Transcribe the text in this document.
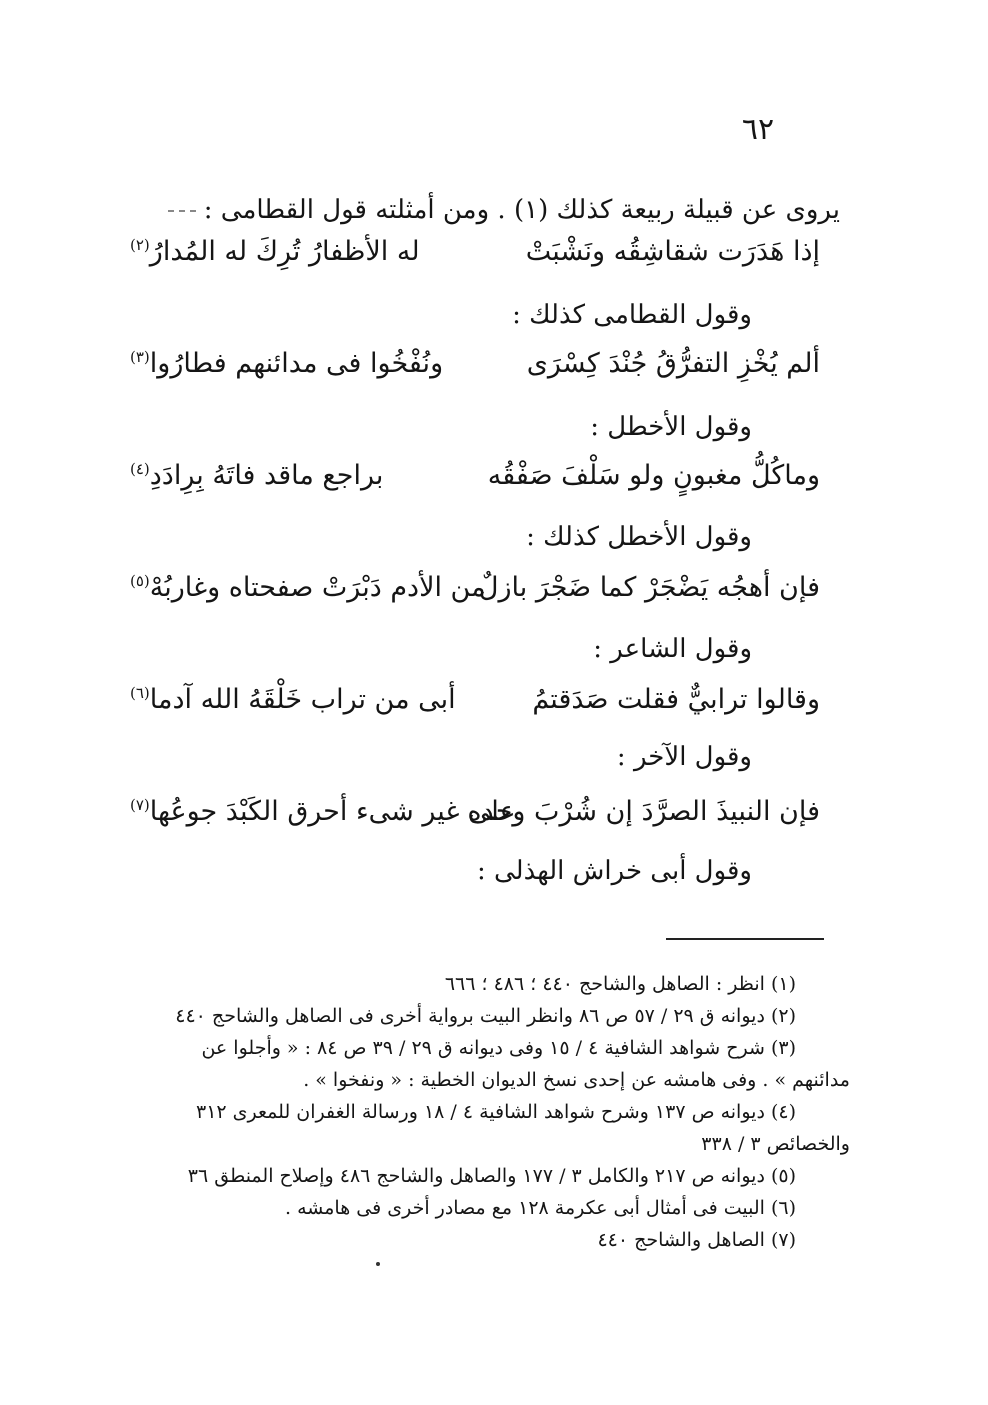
٦٢
يروى عن قبيلة ربيعة كذلك (١) . ومن أمثلته قول القطامى :
إذا هَدَرَت شقاشِقُه ونَشْبَتْ
له الأظفارُ تُرِكَ له المُدارُ$^{(٢)}$
وقول القطامى كذلك :
ألم يُخْزِ التفرُّقُ جُنْدَ كِسْرَى
ونُفْخُوا فى مدائنهم فطارُوا$^{(٣)}$
وقول الأخطل :
وماكُلُّ مغبونٍ ولو سَلْفَ صَفْقُه
براجع ماقد فاتَهُ بِرِادَدِ$^{(٤)}$
وقول الأخطل كذلك :
فإن أهجُه يَضْجَرْ كما ضَجْرَ بازلٌ
من الأدم دَبْرَتْ صفحتاه وغاربُهْ$^{(٥)}$
وقول الشاعر :
وقالوا ترابيٌّ فقلت صَدَقتمُ
أبى من تراب خَلْقَهُ الله آدما$^{(٦)}$
وقول الآخر :
فإن النبيذَ الصرَّدَ إن شُرْبَ وحده
على غير شىء أحرق الكَبْدَ جوعُها$^{(٧)}$
وقول أبى خراش الهذلى :
(١) انظر : الصاهل والشاحج ٤٤٠ ؛ ٤٨٦ ؛ ٦٦٦
(٢) ديوانه ق ٢٩ / ٥٧ ص ٨٦ وانظر البيت برواية أخرى فى الصاهل والشاحج ٤٤٠
(٣) شرح شواهد الشافية ٤ / ١٥ وفى ديوانه ق ٢٩ / ٣٩ ص ٨٤ : « وأجلوا عن
مدائنهم » . وفى هامشه عن إحدى نسخ الديوان الخطية : « ونفخوا » .
(٤) ديوانه ص ١٣٧ وشرح شواهد الشافية ٤ / ١٨ ورسالة الغفران للمعرى ٣١٢
والخصائص ٣ / ٣٣٨
(٥) ديوانه ص ٢١٧ والكامل ٣ / ١٧٧ والصاهل والشاحج ٤٨٦ وإصلاح المنطق ٣٦
(٦) البيت فى أمثال أبى عكرمة ١٢٨ مع مصادر أخرى فى هامشه .
(٧) الصاهل والشاحج ٤٤٠
